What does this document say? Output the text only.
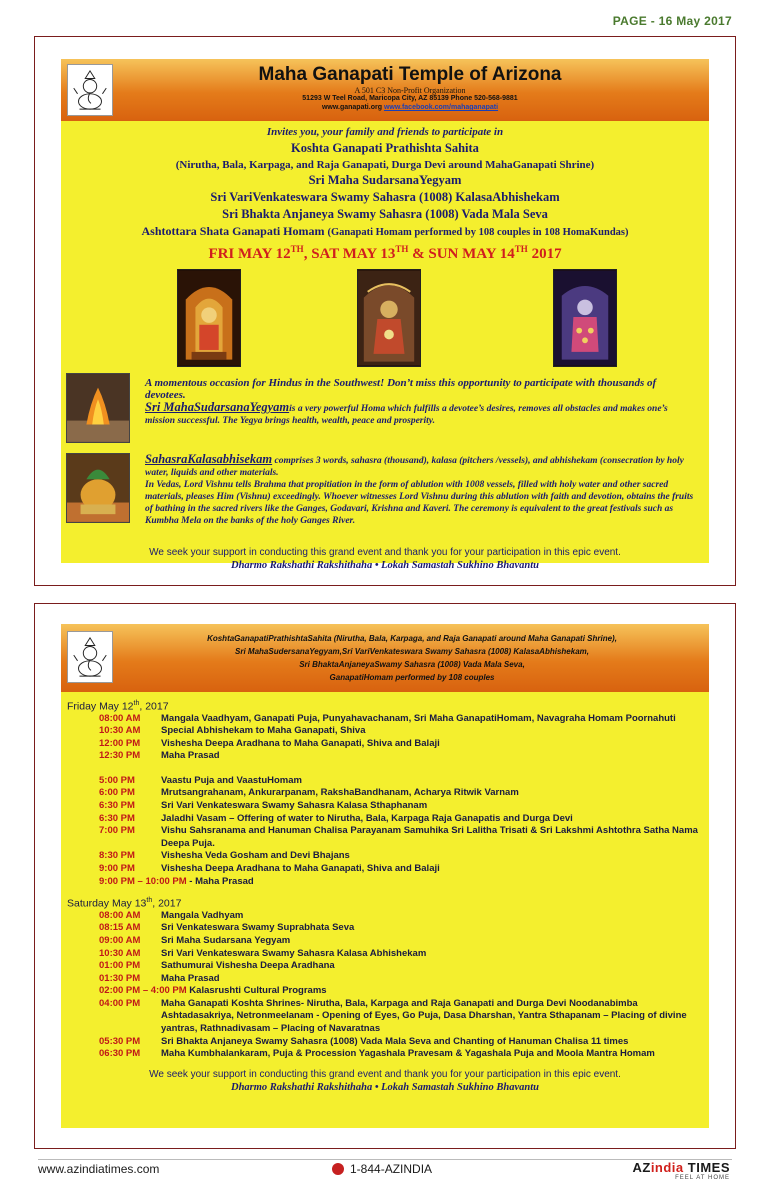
PAGE - 16 May 2017
Maha Ganapati Temple of Arizona
A 501 C3 Non-Profit Organization
51293 W Teel Road, Maricopa City, AZ 85139 Phone 520-568-9881
www.ganapati.org www.facebook.com/mahaganapati
Invites you, your family and friends to participate in
Koshta Ganapati Prathishta Sahita
(Nirutha, Bala, Karpaga, and Raja Ganapati, Durga Devi around MahaGanapati Shrine)
Sri Maha SudarsanaYegyam
Sri VariVenkateswara Swamy Sahasra (1008) KalasaAbhishekam
Sri Bhakta Anjaneya Swamy Sahasra (1008) Vada Mala Seva
Ashtottara Shata Ganapati Homam (Ganapati Homam performed by 108 couples in 108 HomaKundas)
FRI MAY 12TH, SAT MAY 13TH & SUN MAY 14TH 2017
A momentous occasion for Hindus in the Southwest! Don’t miss this opportunity to participate with thousands of devotees.
Sri MahaSudarsanaYegyamis a very powerful Homa which fulfills a devotee’s desires, removes all obstacles and makes one’s mission successful. The Yegya brings health, wealth, peace and prosperity.
SahasraKalasabhisekam comprises 3 words, sahasra (thousand), kalasa (pitchers /vessels), and abhishekam (consecration by holy water, liquids and other materials.
In Vedas, Lord Vishnu tells Brahma that propitiation in the form of ablution with 1008 vessels, filled with holy water and other sacred materials, pleases Him (Vishnu) exceedingly. Whoever witnesses Lord Vishnu during this ablution with faith and devotion, obtains the fruits of bathing in the sacred rivers like the Ganges, Godavari, Krishna and Kaveri. The ceremony is equivalent to the great festivals such as Kumbha Mela on the banks of the holy Ganges River.
We seek your support in conducting this grand event and thank you for your participation in this epic event.
Dharmo Rakshathi Rakshithaha • Lokah Samastah Sukhino Bhavantu
KoshtaGanapatiPrathishtaSahita (Nirutha, Bala, Karpaga, and Raja Ganapati around Maha Ganapati Shrine),
Sri MahaSudersanaYegyam,Sri VariVenkateswara Swamy Sahasra (1008) KalasaAbhishekam,
Sri BhaktaAnjaneyaSwamy Sahasra (1008) Vada Mala Seva,
GanapatiHomam performed by 108 couples
Friday May 12th, 2017
08:00 AM	Mangala Vaadhyam, Ganapati Puja, Punyahavachanam, Sri Maha GanapatiHomam, Navagraha Homam Poornahuti
10:30 AM	Special Abhishekam to Maha Ganapati, Shiva
12:00 PM	Vishesha Deepa Aradhana to Maha Ganapati, Shiva and Balaji
12:30 PM	Maha Prasad
5:00 PM	Vaastu Puja and VaastuHomam
6:00 PM	Mrutsangrahanam, Ankurarpanam, RakshaBandhanam, Acharya Ritwik Varnam
6:30 PM	Sri Vari Venkateswara Swamy Sahasra Kalasa Sthaphanam
6:30 PM	Jaladhi Vasam – Offering of water to Nirutha, Bala, Karpaga Raja Ganapatis and Durga Devi
7:00 PM	Vishu Sahsranama and Hanuman Chalisa Parayanam Samuhika Sri Lalitha Trisati & Sri Lakshmi Ashtothra Satha Nama Deepa Puja.
8:30 PM	Vishesha Veda Gosham and Devi Bhajans
9:00 PM	Vishesha Deepa Aradhana to Maha Ganapati, Shiva and Balaji
9:00 PM – 10:00 PM - Maha Prasad
Saturday May 13th, 2017
08:00 AM	Mangala Vadhyam
08:15 AM	Sri Venkateswara Swamy Suprabhata Seva
09:00 AM	Sri Maha Sudarsana Yegyam
10:30 AM	Sri Vari Venkateswara Swamy Sahasra Kalasa Abhishekam
01:00 PM	Sathumurai Vishesha Deepa Aradhana
01:30 PM	Maha Prasad
02:00 PM – 4:00 PM Kalasrushti Cultural Programs
04:00 PM	Maha Ganapati Koshta Shrines- Nirutha, Bala, Karpaga and Raja Ganapati and Durga Devi Noodanabimba Ashtadasakriya, Netronmeelanam - Opening of Eyes, Go Puja, Dasa Dharshan, Yantra Sthapanam – Placing of divine yantras, Rathnadivasam – Placing of Navaratnas
05:30 PM	Sri Bhakta Anjaneya Swamy Sahasra (1008) Vada Mala Seva and Chanting of Hanuman Chalisa 11 times
06:30 PM	Maha Kumbhalankaram, Puja & Procession Yagashala Pravesam & Yagashala Puja and Moola Mantra Homam
We seek your support in conducting this grand event and thank you for your participation in this epic event.
Dharmo Rakshathi Rakshithaha • Lokah Samastah Sukhino Bhavantu
www.azindiatimes.com	1-844-AZINDIA	AZindia TIMES
FEEL AT HOME
